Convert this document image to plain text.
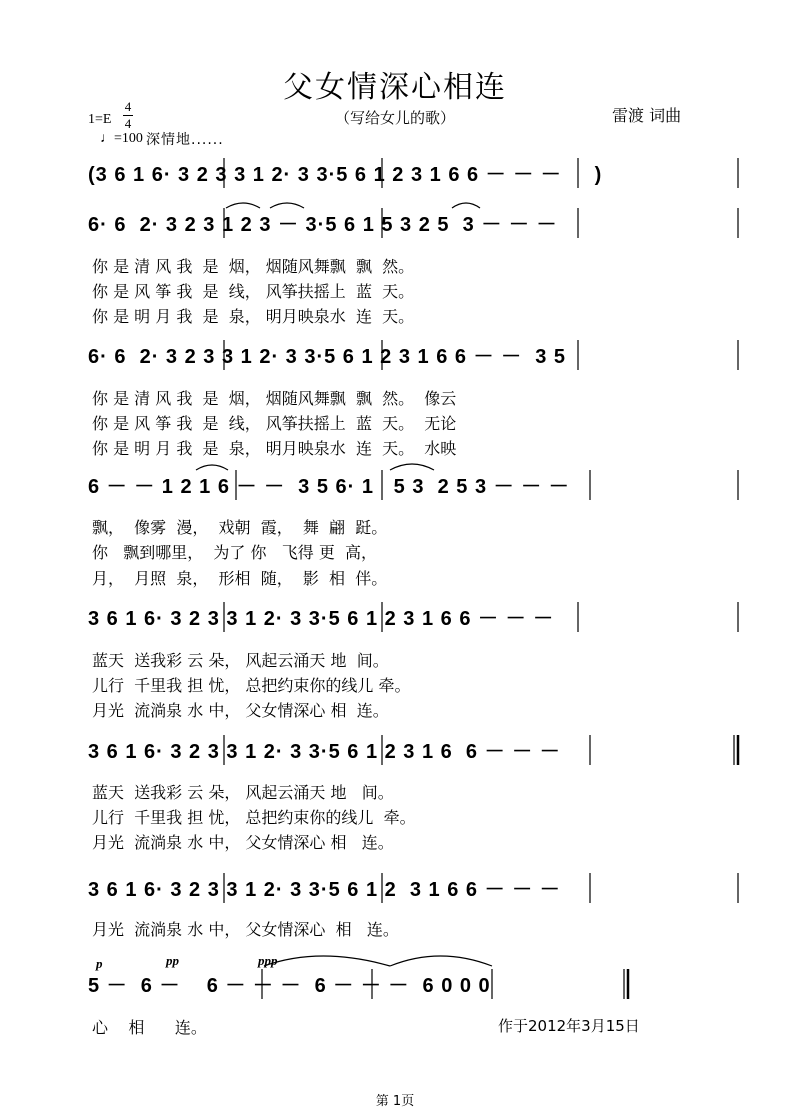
父女情深心相连
（写给女儿的歌）	雷渡 词曲
1=E
4
4
♩=100 深情地......
(3 6 1 6· 3 2 3 3 1 2· 3 3·5 6 1 2 3 1 6 6 － － －     )
6· 6  2· 3 2 3 1 2 3 － 3·5 6 1 5 3 2 5  3 － － －
你 是 清 风 我  是  烟， 烟随风舞飘  飘  然。
你 是 风 筝 我  是  线， 风筝扶摇上  蓝  天。
你 是 明 月 我  是  泉， 明月映泉水  连  天。
6· 6  2· 3 2 3 3 1 2· 3 3·5 6 1 2 3 1 6 6 － －  3 5
你 是 清 风 我  是  烟， 烟随风舞飘  飘  然。  像云
你 是 风 筝 我  是  线， 风筝扶摇上  蓝  天。  无论
你 是 明 月 我  是  泉， 明月映泉水  连  天。  水映
6 － － 1 2 1 6 － －  3 5 6· 1   5 3  2 5 3 － － －
飘，  像雾  漫，  戏朝  霞，  舞  翩  跹。
你   飘到哪里，  为了 你   飞得 更  高，
月，  月照  泉，  形相  随，  影  相  伴。
3 6 1 6· 3 2 3 3 1 2· 3 3·5 6 1 2 3 1 6 6 － － －
蓝天  送我彩 云 朵， 风起云涌天 地  间。
儿行  千里我 担 忧， 总把约束你的线儿 牵。
月光  流淌泉 水 中， 父女情深心 相  连。
3 6 1 6· 3 2 3 3 1 2· 3 3·5 6 1 2 3 1 6  6 － － －
蓝天  送我彩 云 朵， 风起云涌天 地   间。
儿行  千里我 担 忧， 总把约束你的线儿  牵。
月光  流淌泉 水 中， 父女情深心 相   连。
3 6 1 6· 3 2 3 3 1 2· 3 3·5 6 1 2  3 1 6 6 － － －
月光  流淌泉 水 中， 父女情深心  相   连。
p	pp	ppp
5 －  6 －    6 － － －  6 － － －  6 0 0 0
心    相      连。	作于2012年3月15日
第 1页
